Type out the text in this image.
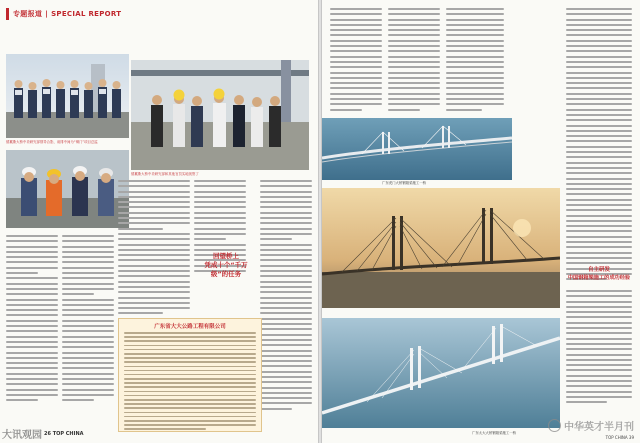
专题报道 | SPECIAL REPORT
德累斯大桥中央研究部领导合影，前排中间为“铜门”项目总监
德累斯大桥中央研究部和其他官员实地视察了
回望桥上
凭成十个“千万级”的任务
广东省大大公路工程有限公司
26 TOP CHINA
大讯观园
广东虎门大桥钢箱梁施工一桥
广东太大大桥钢箱梁施工一桥
自主研发
中国钢箱梁施工的成功经验
中华英才半月刊
TOP CHINA 39
